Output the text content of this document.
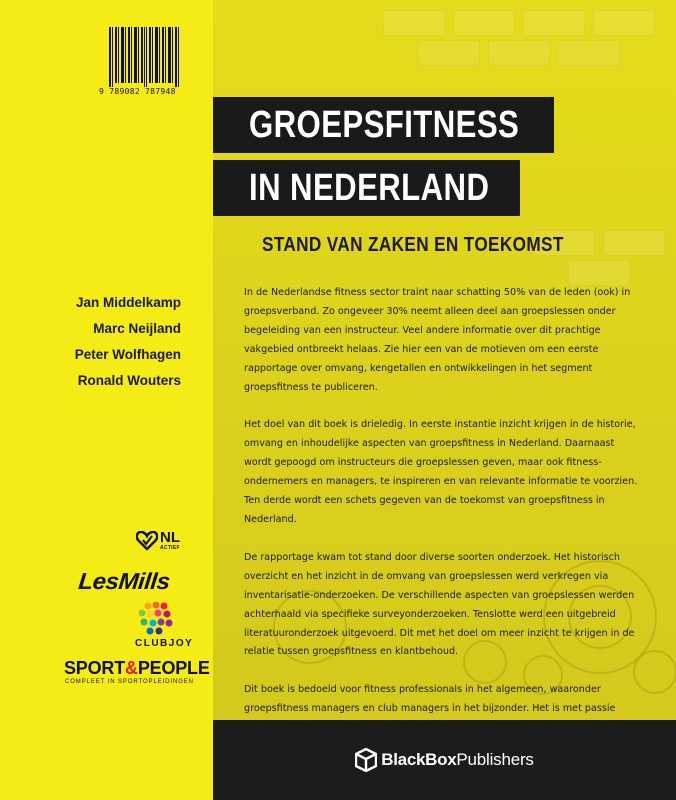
9 789082 787948
GROEPSFITNESS
IN NEDERLAND
STAND VAN ZAKEN EN TOEKOMST
Jan Middelkamp
Marc Neijland
Peter Wolfhagen
Ronald Wouters

In de Nederlandse fitness sector traint naar schatting 50% van de leden (ook) in groepsverband. Zo ongeveer 30% neemt alleen deel aan groepslessen onder begeleiding van een instructeur. Veel andere informatie over dit prachtige vakgebied ontbreekt helaas. Zie hier een van de motieven om een eerste rapportage over omvang, kengetallen en ontwikkelingen in het segment groepsfitness te publiceren.

Het doel van dit boek is drieledig. In eerste instantie inzicht krijgen in de historie, omvang en inhoudelijke aspecten van groepsfitness in Nederland. Daarnaast wordt gepoogd om instructeurs die groepslessen geven, maar ook fitness-ondernemers en managers, te inspireren en van relevante informatie te voorzien. Ten derde wordt een schets gegeven van de toekomst van groepsfitness in Nederland.

De rapportage kwam tot stand door diverse soorten onderzoek. Het historisch overzicht en het inzicht in de omvang van groepslessen werd verkregen via inventarisatie-onderzoeken. De verschillende aspecten van groepslessen werden achterhaald via specifieke surveyonderzoeken. Tenslotte werd een uitgebreid literatuuronderzoek uitgevoerd. Dit met het doel om meer inzicht te krijgen in de relatie tussen groepsfitness en klantbehoud.

Dit boek is bedoeld voor fitness professionals in het algemeen, waaronder groepsfitness managers en club managers in het bijzonder. Het is met passie

NL
ACTIEF
LesMills
CLUBJOY
SPORT&PEOPLE
COMPLEET IN SPORTOPLEIDINGEN
BlackBox Publishers
